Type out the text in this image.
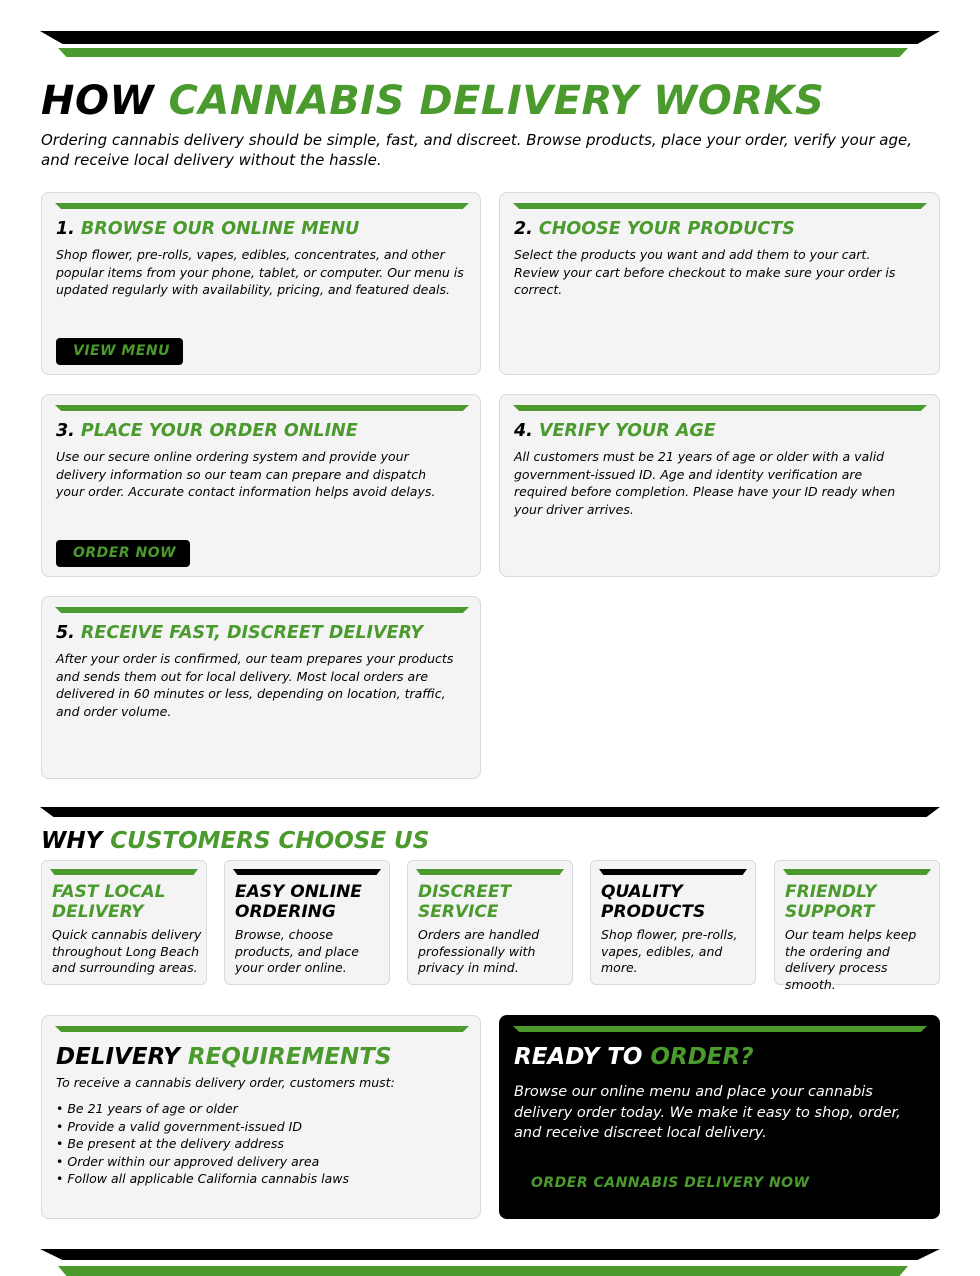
HOW CANNABIS DELIVERY WORKS

Ordering cannabis delivery should be simple, fast, and discreet. Browse products, place your order, verify your age, and receive local delivery without the hassle.

1. BROWSE OUR ONLINE MENU

Shop flower, pre-rolls, vapes, edibles, concentrates, and other popular items from your phone, tablet, or computer. Our menu is updated regularly with availability, pricing, and featured deals.

VIEW MENU
2. CHOOSE YOUR PRODUCTS

Select the products you want and add them to your cart. Review your cart before checkout to make sure your order is correct.

3. PLACE YOUR ORDER ONLINE

Use our secure online ordering system and provide your delivery information so our team can prepare and dispatch your order. Accurate contact information helps avoid delays.

ORDER NOW
4. VERIFY YOUR AGE

All customers must be 21 years of age or older with a valid government-issued ID. Age and identity verification are required before completion. Please have your ID ready when your driver arrives.

5. RECEIVE FAST, DISCREET DELIVERY

After your order is confirmed, our team prepares your products and sends them out for local delivery. Most local orders are delivered in 60 minutes or less, depending on location, traffic, and order volume.

WHY CUSTOMERS CHOOSE US
FAST LOCAL DELIVERY

Quick cannabis delivery throughout Long Beach and surrounding areas.

EASY ONLINE ORDERING

Browse, choose products, and place your order online.

DISCREET SERVICE

Orders are handled professionally with privacy in mind.

QUALITY PRODUCTS

Shop flower, pre-rolls, vapes, edibles, and more.

FRIENDLY SUPPORT

Our team helps keep the ordering and delivery process smooth.

DELIVERY REQUIREMENTS

To receive a cannabis delivery order, customers must:

• Be 21 years of age or older
• Provide a valid government-issued ID
• Be present at the delivery address
• Order within our approved delivery area
• Follow all applicable California cannabis laws
READY TO ORDER?

Browse our online menu and place your cannabis delivery order today. We make it easy to shop, order, and receive discreet local delivery.

ORDER CANNABIS DELIVERY NOW
